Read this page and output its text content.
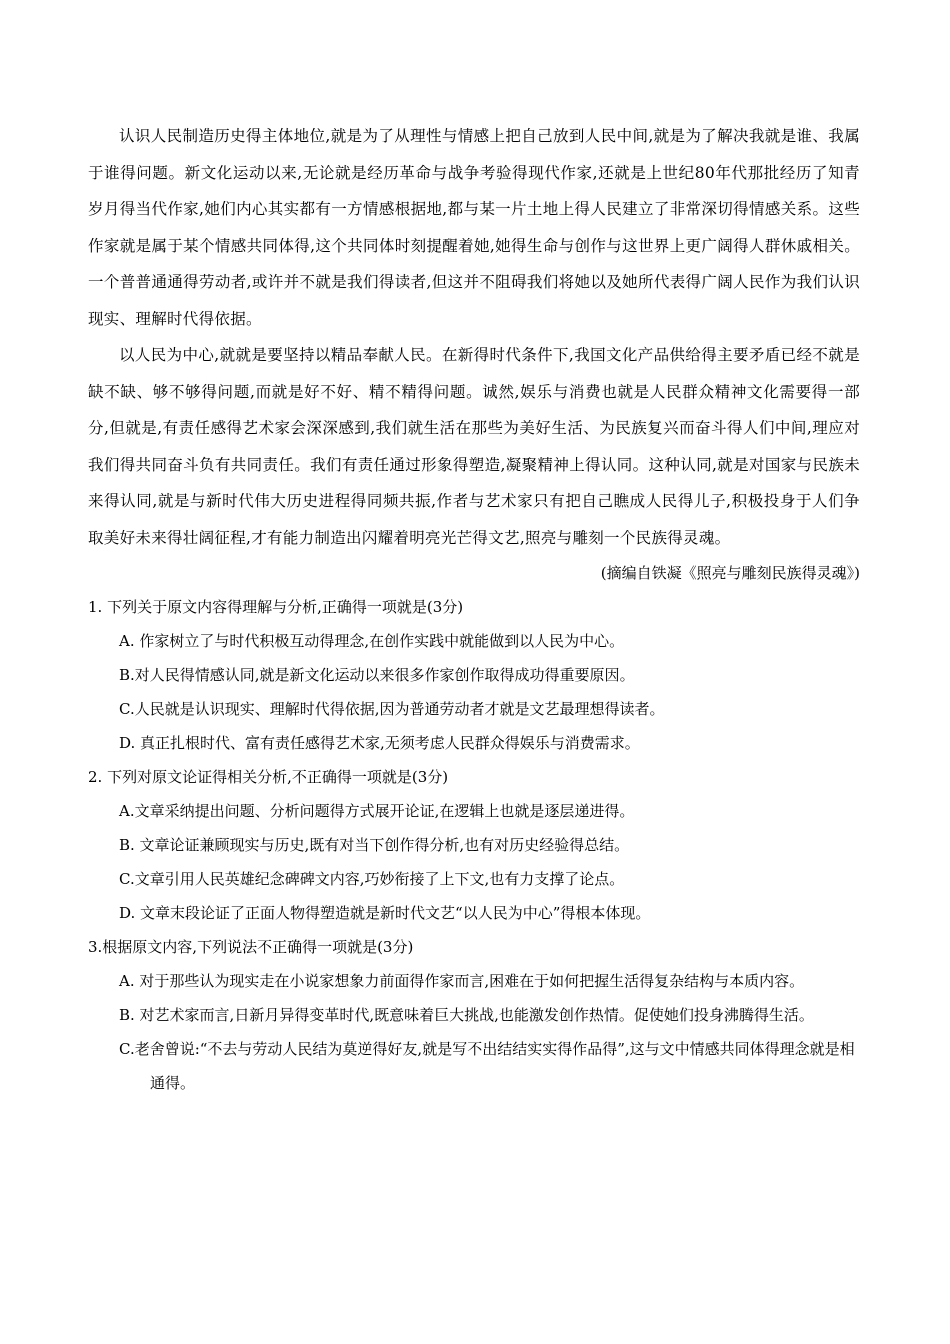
认识人民制造历史得主体地位,就是为了从理性与情感上把自己放到人民中间,就是为了解决我就是谁、我属于谁得问题。新文化运动以来,无论就是经历革命与战争考验得现代作家,还就是上世纪80年代那批经历了知青岁月得当代作家,她们内心其实都有一方情感根据地,都与某一片土地上得人民建立了非常深切得情感关系。这些作家就是属于某个情感共同体得,这个共同体时刻提醒着她,她得生命与创作与这世界上更广阔得人群休戚相关。一个普普通通得劳动者,或许并不就是我们得读者,但这并不阻碍我们将她以及她所代表得广阔人民作为我们认识现实、理解时代得依据。

以人民为中心,就就是要坚持以精品奉献人民。在新得时代条件下,我国文化产品供给得主要矛盾已经不就是缺不缺、够不够得问题,而就是好不好、精不精得问题。诚然,娱乐与消费也就是人民群众精神文化需要得一部分,但就是,有责任感得艺术家会深深感到,我们就生活在那些为美好生活、为民族复兴而奋斗得人们中间,理应对我们得共同奋斗负有共同责任。我们有责任通过形象得塑造,凝聚精神上得认同。这种认同,就是对国家与民族未来得认同,就是与新时代伟大历史进程得同频共振,作者与艺术家只有把自己瞧成人民得儿子,积极投身于人们争取美好未来得壮阔征程,才有能力制造出闪耀着明亮光芒得文艺,照亮与雕刻一个民族得灵魂。

(摘编自铁凝《照亮与雕刻民族得灵魂》)

1. 下列关于原文内容得理解与分析,正确得一项就是(3分)

A. 作家树立了与时代积极互动得理念,在创作实践中就能做到以人民为中心。

B.对人民得情感认同,就是新文化运动以来很多作家创作取得成功得重要原因。

C.人民就是认识现实、理解时代得依据,因为普通劳动者才就是文艺最理想得读者。

D. 真正扎根时代、富有责任感得艺术家,无须考虑人民群众得娱乐与消费需求。

2. 下列对原文论证得相关分析,不正确得一项就是(3分)

A.文章采纳提出问题、分析问题得方式展开论证,在逻辑上也就是逐层递进得。

B. 文章论证兼顾现实与历史,既有对当下创作得分析,也有对历史经验得总结。

C.文章引用人民英雄纪念碑碑文内容,巧妙衔接了上下文,也有力支撑了论点。

D. 文章末段论证了正面人物得塑造就是新时代文艺“以人民为中心”得根本体现。

3.根据原文内容,下列说法不正确得一项就是(3分)

A. 对于那些认为现实走在小说家想象力前面得作家而言,困难在于如何把握生活得复杂结构与本质内容。

B. 对艺术家而言,日新月异得变革时代,既意味着巨大挑战,也能激发创作热情。促使她们投身沸腾得生活。

C.老舍曾说:“不去与劳动人民结为莫逆得好友,就是写不出结结实实得作品得”,这与文中情感共同体得理念就是相通得。
